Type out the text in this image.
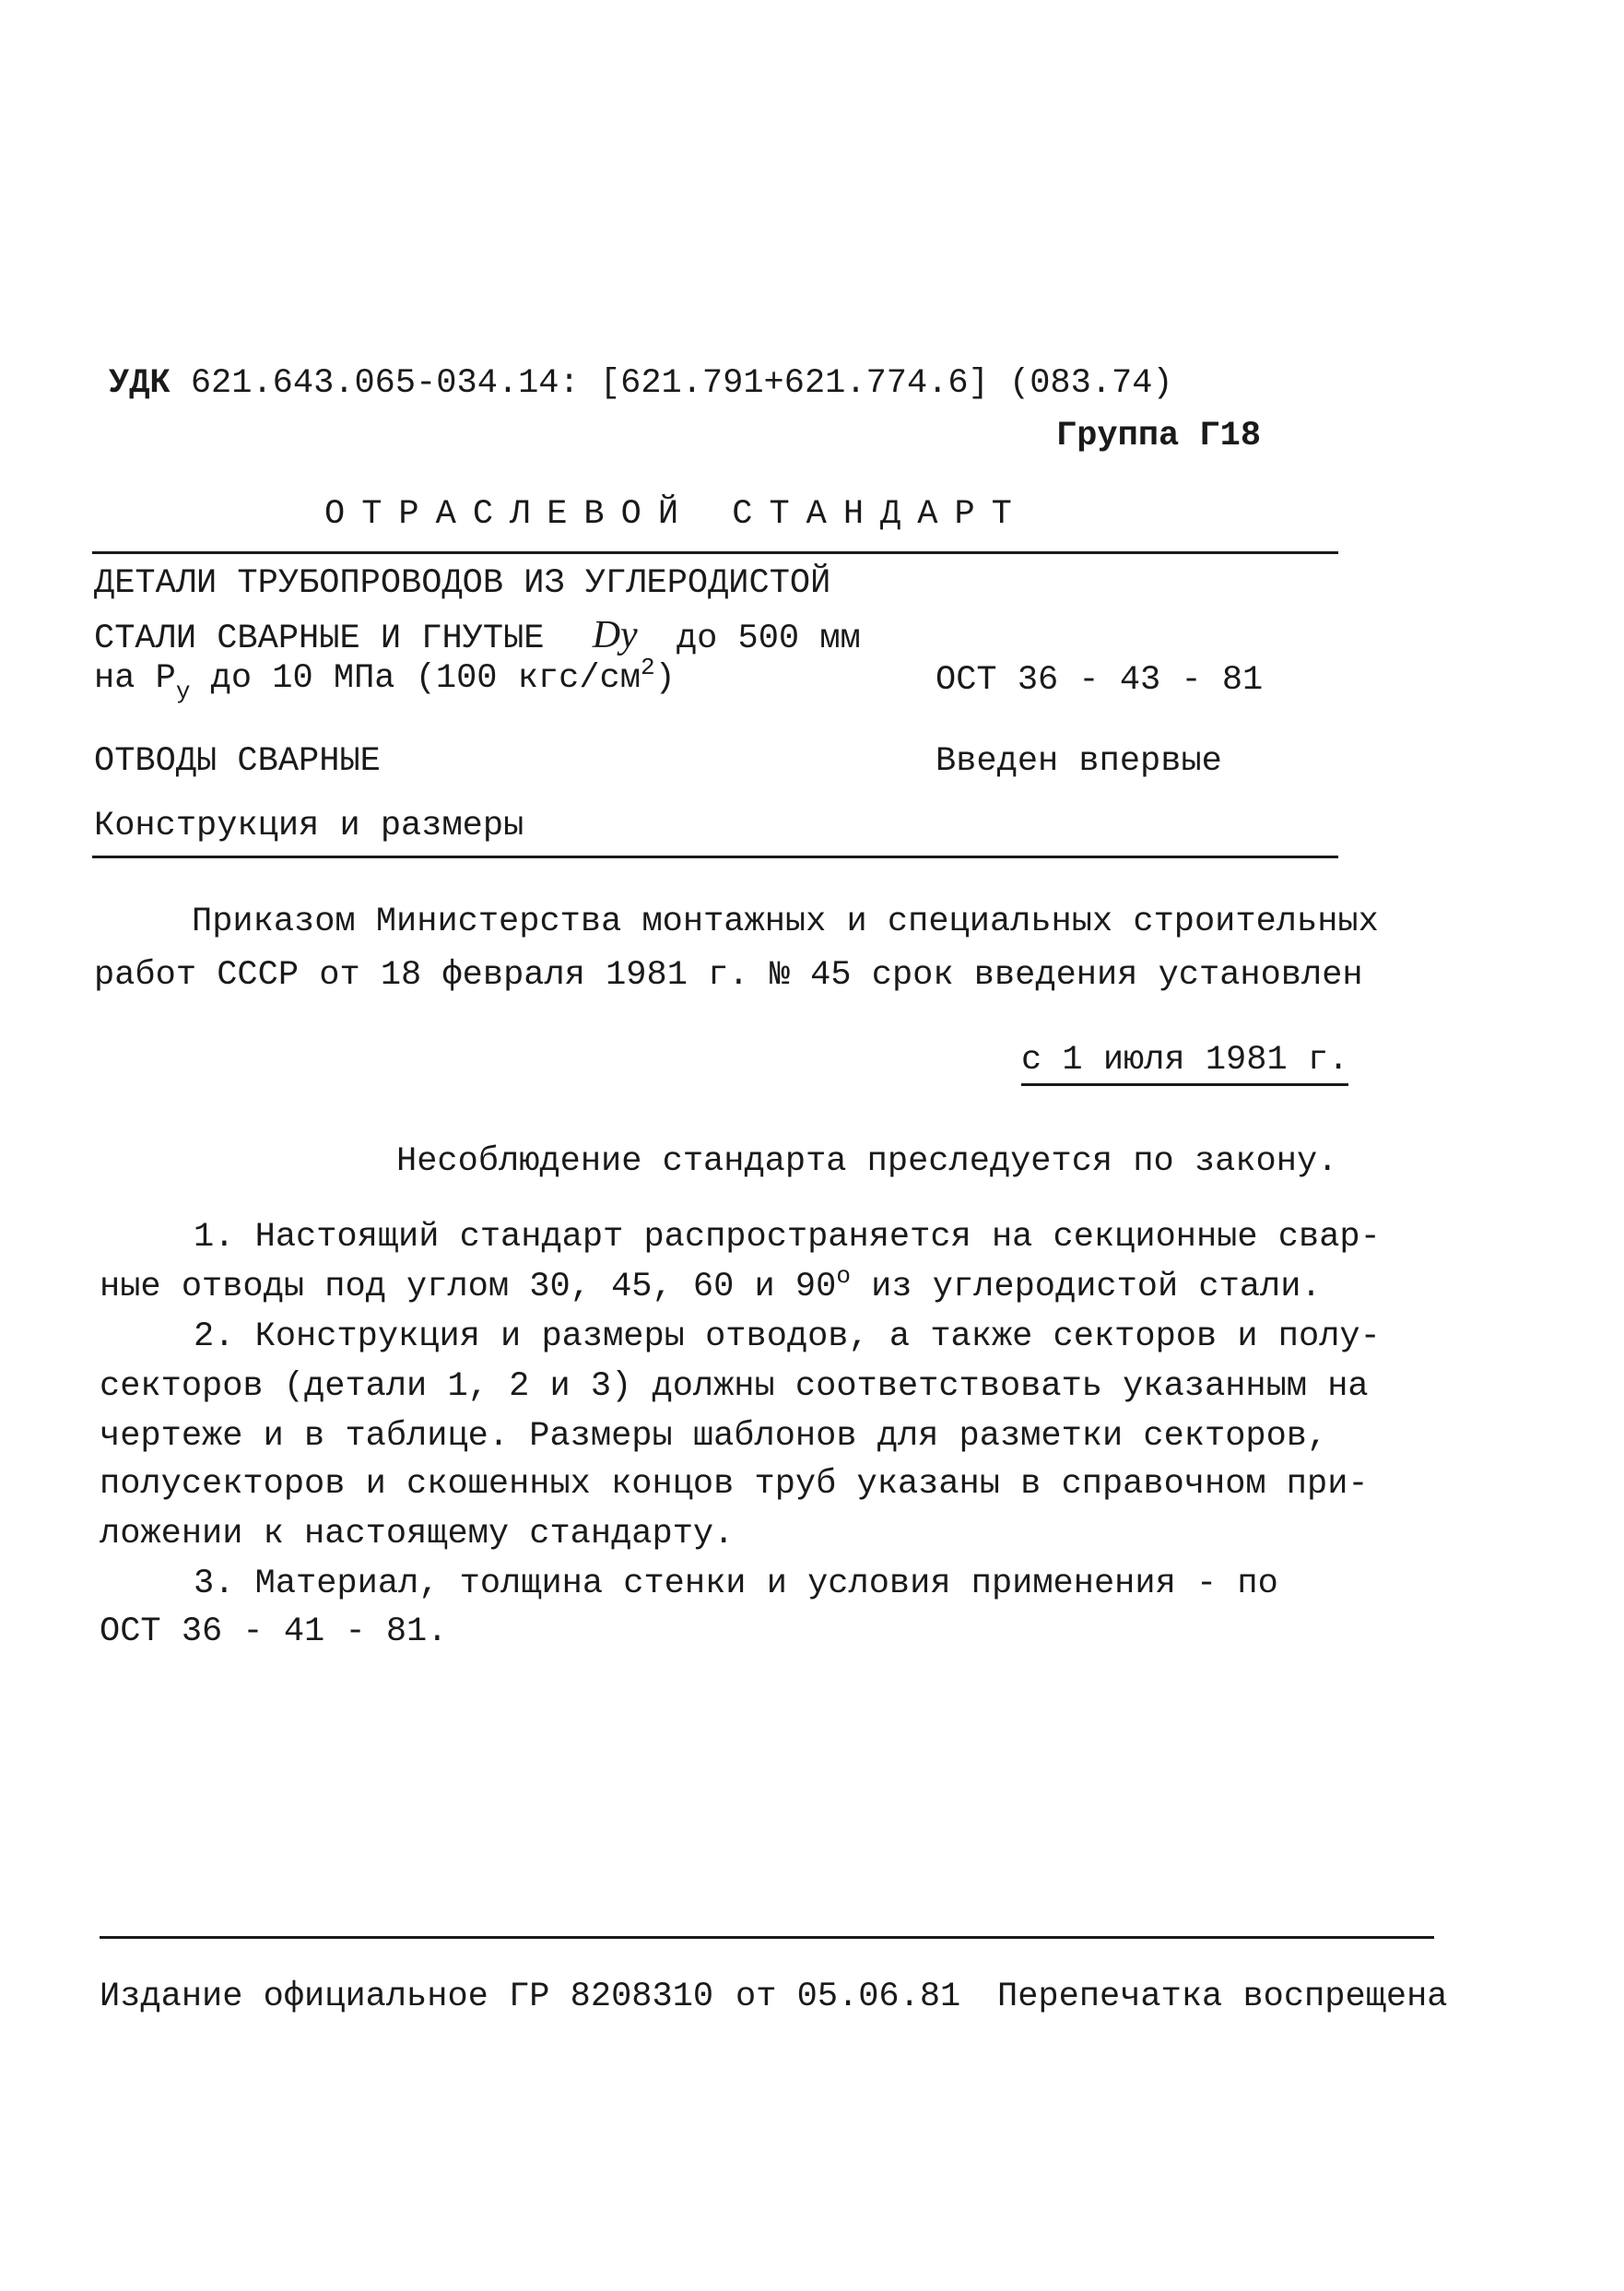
УДК 621.643.065-034.14: [621.791+621.774.6] (083.74)
Группа Г18
ОТРАСЛЕВОЙ СТАНДАРТ
ДЕТАЛИ ТРУБОПРОВОДОВ ИЗ УГЛЕРОДИСТОЙ
СТАЛИ СВАРНЫЕ И ГНУТЫЕ Dу до 500 мм
на $P_у$ до 10 МПа (100 кгс/$см^2$)	ОСТ 36 - 43 - 81
ОТВОДЫ СВАРНЫЕ	Введен впервые
Конструкция и размеры
Приказом Министерства монтажных и специальных строительных
работ СССР от 18 февраля 1981 г. № 45 срок введения установлен
с 1 июля 1981 г.
Несоблюдение стандарта преследуется по закону.
1. Настоящий стандарт распространяется на секционные свар-
ные отводы под углом 30, 45, 60 и $90^о$ из углеродистой стали.
2. Конструкция и размеры отводов, а также секторов и полу-
секторов (детали 1, 2 и 3) должны соответствовать указанным на
чертеже и в таблице. Размеры шаблонов для разметки секторов,
полусекторов и скошенных концов труб указаны в справочном при-
ложении к настоящему стандарту.
3. Материал, толщина стенки и условия применения - по
ОСТ 36 - 41 - 81.
Издание официальное ГР 8208310 от 05.06.81 Перепечатка воспрещена
